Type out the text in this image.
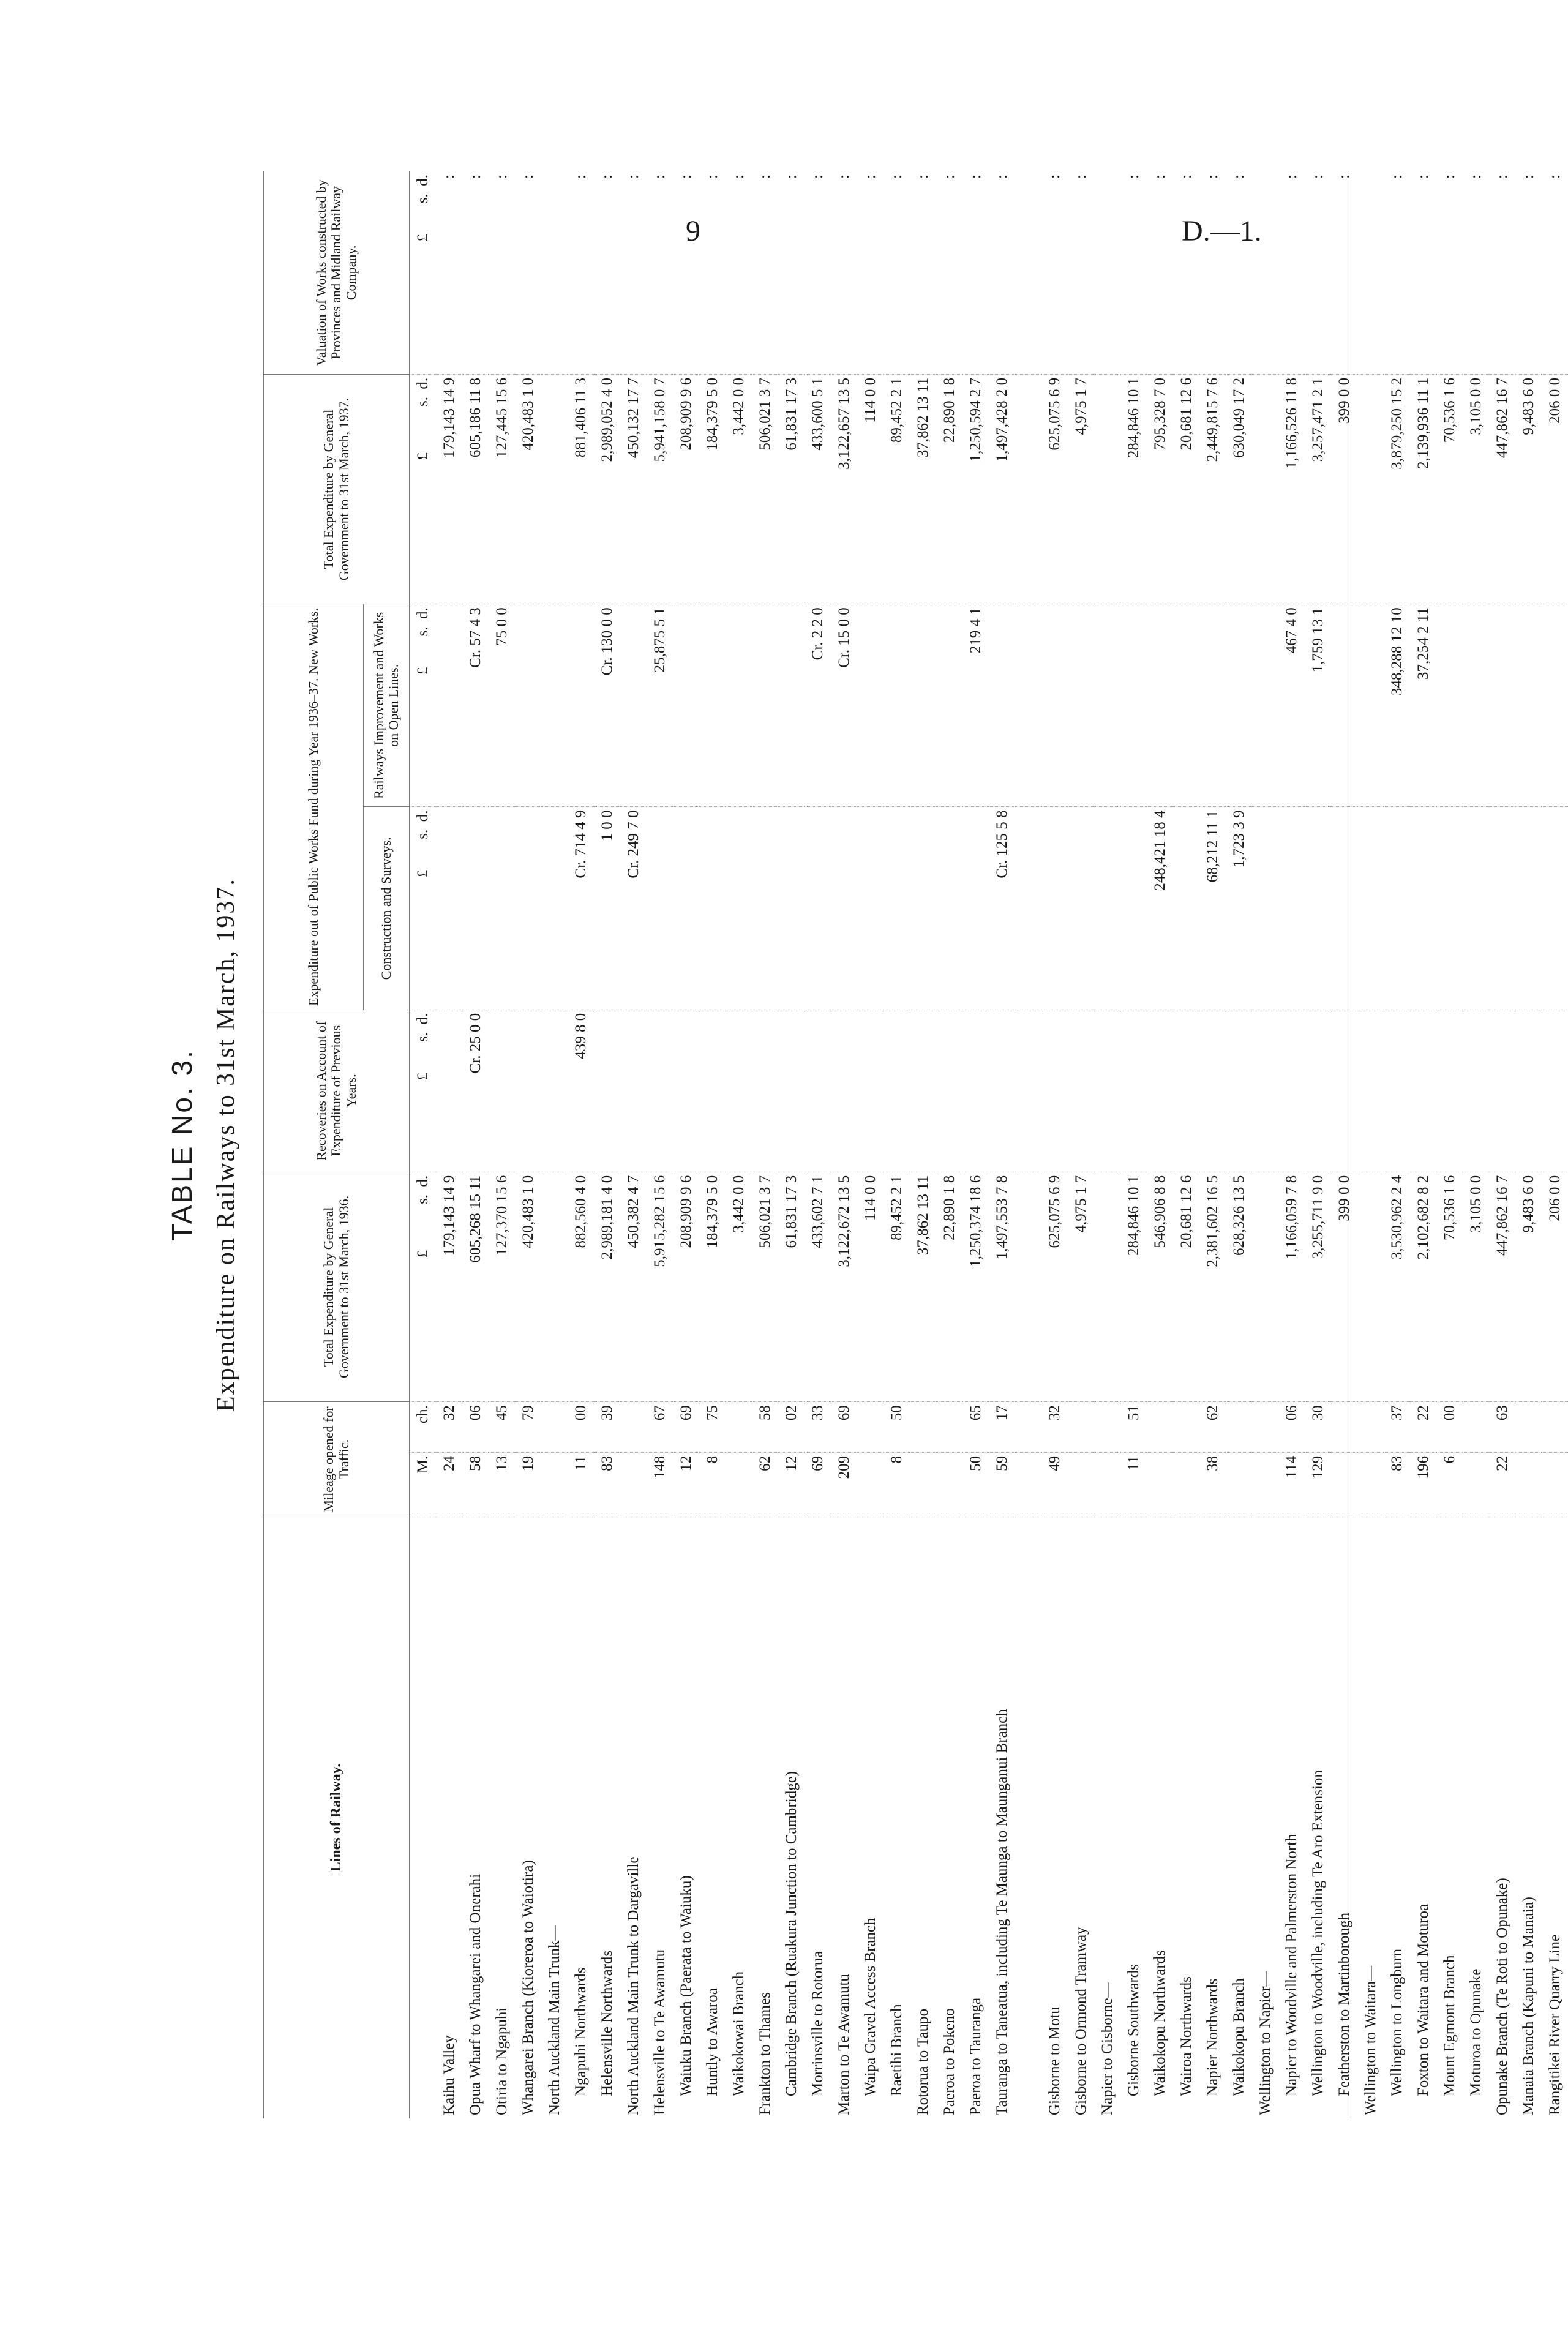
9	D.—1.
TABLE No. 3. Expenditure on Railways to 31st March, 1937.
Lines of Railway.	Mileage opened for Traffic.		Total Expenditure by General Government to 31st March, 1936.	Recoveries on Account of Expenditure of Previous Years.	Expenditure out of Public Works Fund during Year 1936–37. New Works.		Total Expenditure by General Government to 31st March, 1937.	Valuation of Works constructed by Provinces and Midland Railway Company.
					Construction and Surveys.	Railways Improvement and Works on Open Lines.		
	M.	ch.	£   s. d.	£  s. d.	£  s. d.	£  s. d.	£   s. d.	£  s. d.
Kaihu Valley	24	32	179,143 14 9				179,143 14 9	:
Opua Wharf to Whangarei and Onerahi	58	06	605,268 15 11	Cr. 25 0 0		Cr. 57 4 3	605,186 11 8	:
Otiria to Ngapuhi	13	45	127,370 15 6			75 0 0	127,445 15 6	:
Whangarei Branch (Kioreroa to Waiotira)	19	79	420,483 1 0				420,483 1 0	:
North Auckland Main Trunk—								
Ngapuhi Northwards	11	00	882,560 4 0	439 8 0	Cr. 714 4 9		881,406 11 3	:
Helensville Northwards	83	39	2,989,181 4 0		1 0 0	Cr. 130 0 0	2,989,052 4 0	:
North Auckland Main Trunk to Dargaville			450,382 4 7		Cr. 249 7 0		450,132 17 7	:
Helensville to Te Awamutu	148	67	5,915,282 15 6			25,875 5 1	5,941,158 0 7	:
Waiuku Branch (Paerata to Waiuku)	12	69	208,909 9 6				208,909 9 6	:
Huntly to Awaroa	8	75	184,379 5 0				184,379 5 0	:
Waikokowai Branch			3,442 0 0				3,442 0 0	:
Frankton to Thames	62	58	506,021 3 7				506,021 3 7	:
Cambridge Branch (Ruakura Junction to Cambridge)	12	02	61,831 17 3				61,831 17 3	:
Morrinsville to Rotorua	69	33	433,602 7 1			Cr. 2 2 0	433,600 5 1	:
Marton to Te Awamutu	209	69	3,122,672 13 5			Cr. 15 0 0	3,122,657 13 5	:
Waipa Gravel Access Branch			114 0 0				114 0 0	:
Raetihi Branch	8	50	89,452 2 1				89,452 2 1	:
Rotorua to Taupo			37,862 13 11				37,862 13 11	:
Paeroa to Pokeno			22,890 1 8				22,890 1 8	:
Paeroa to Tauranga	50	65	1,250,374 18 6			219 4 1	1,250,594 2 7	:
Tauranga to Taneatua, including Te Maunga to Maunganui Branch	59	17	1,497,553 7 8		Cr. 125 5 8		1,497,428 2 0	:

Gisborne to Motu	49	32	625,075 6 9				625,075 6 9	:
Gisborne to Ormond Tramway			4,975 1 7				4,975 1 7	:
Napier to Gisborne—								
Gisborne Southwards	11	51	284,846 10 1				284,846 10 1	:
Waikokopu Northwards			546,906 8 8		248,421 18 4		795,328 7 0	:
Wairoa Northwards			20,681 12 6				20,681 12 6	:
Napier Northwards	38	62	2,381,602 16 5		68,212 11 1		2,449,815 7 6	:
Waikokopu Branch			628,326 13 5		1,723 3 9		630,049 17 2	:
Wellington to Napier—								
Napier to Woodville and Palmerston North	114	06	1,166,059 7 8			467 4 0	1,166,526 11 8	:
Wellington to Woodville, including Te Aro Extension	129	30	3,255,711 9 0			1,759 13 1	3,257,471 2 1	:
Featherston to Martinborough			399 0 0				399 0 0	:
Wellington to Waitara—								
Wellington to Longburn	83	37	3,530,962 2 4			348,288 12 10	3,879,250 15 2	:
Foxton to Waitara and Moturoa	196	22	2,102,682 8 2			37,254 2 11	2,139,936 11 1	:
Mount Egmont Branch	6	00	70,536 1 6				70,536 1 6	:
Moturoa to Opunake			3,105 0 0				3,105 0 0	:
Opunake Branch (Te Roti to Opunake)	22	63	447,862 16 7				447,862 16 7	:
Manaia Branch (Kapuni to Manaia)			9,483 6 0				9,483 6 0	:
Rangitikei River Quarry Line			206 0 0				206 0 0	:
